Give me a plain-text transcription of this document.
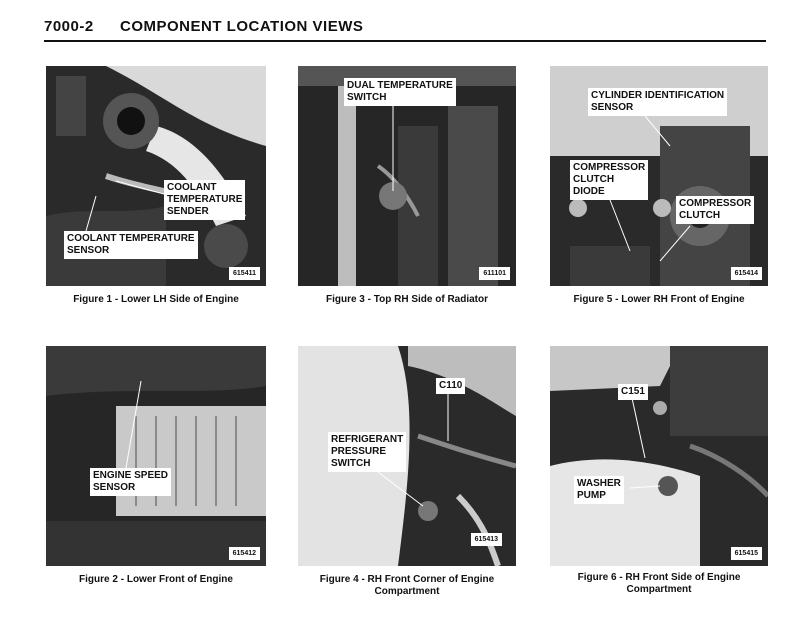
7000-2 COMPONENT LOCATION VIEWS
COOLANT
TEMPERATURE
SENDER
COOLANT TEMPERATURE
SENSOR
615411
DUAL TEMPERATURE
SWITCH
611101
CYLINDER IDENTIFICATION
SENSOR
COMPRESSOR
CLUTCH
DIODE
COMPRESSOR
CLUTCH
615414
ENGINE SPEED
SENSOR
615412
C110
REFRIGERANT
PRESSURE
SWITCH
615413
C151
WASHER
PUMP
615415
Figure 1 - Lower LH Side of Engine	Figure 3 - Top RH Side of Radiator	Figure 5 - Lower RH Front of Engine
Figure 2 - Lower Front of Engine	Figure 4 - RH Front Corner of Engine
Compartment
Figure 6 - RH Front Side of Engine
Compartment
